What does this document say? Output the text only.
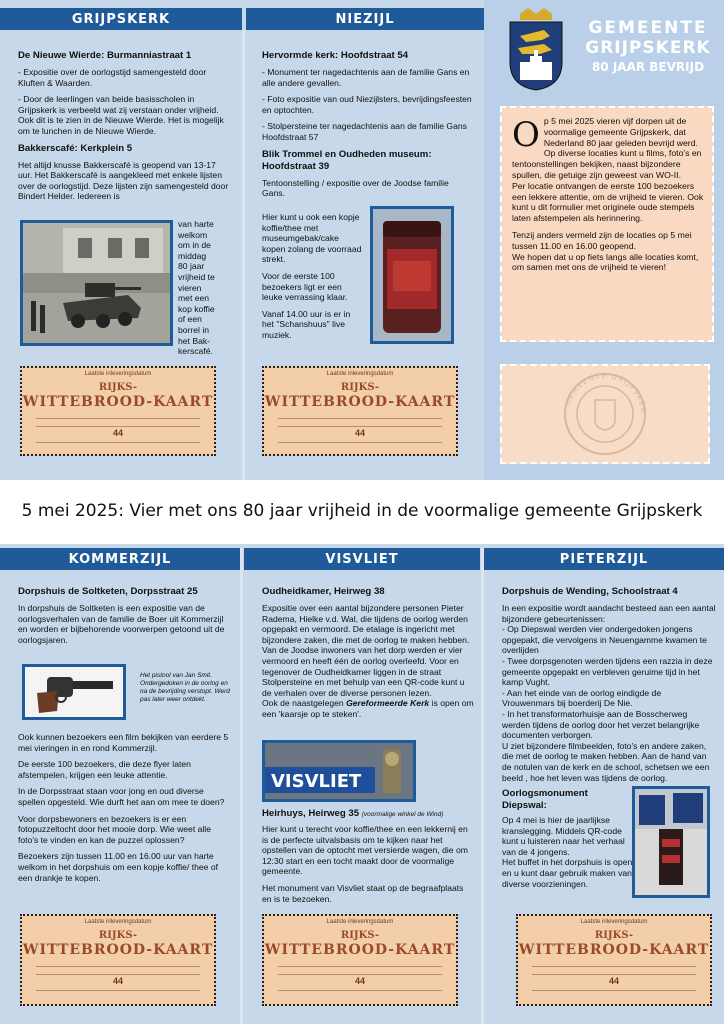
GRIJPSKERK	NIEZIJL
De Nieuwe Wierde: Burmanniastraat 1

- Expositie over de oorlogstijd samengesteld door Kluften & Waarden.

- Door de leerlingen van beide basisscholen in Grijpskerk is verbeeld wat zij verstaan onder vrijheid. Ook dit is te zien in de Nieuwe Wierde. Het is mogelijk om te lunchen in de Nieuwe Wierde.

Bakkerscafé: Kerkplein 5

Het altijd knusse Bakkerscafé is geopend van 13-17 uur. Het Bakkerscafé is aangekleed met enkele lijsten over de oorlogstijd. Deze lijsten zijn samengesteld door Bindert Helder. Iedereen is

van harte
welkom
om in de
middag
80 jaar
vrijheid te
vieren
met een
kop koffie
of een
borrel in
het Bak-
kerscafé.
Hervormde kerk: Hoofdstraat 54

- Monument ter nagedachtenis aan de familie Gans en alle andere gevallen.

- Foto expositie van oud Niezijlsters, bevrijdingsfeesten en optochten.

- Stolpersteine ter nagedachtenis aan de familie Gans Hoofdstraat 57

Blik Trommel en Oudheden museum: Hoofdstraat 39

Tentoonstelling / expositie over de Joodse familie Gans.

Hier kunt u ook een kopje koffie/thee met museumgebak/cake kopen zolang de voorraad strekt.

Voor de eerste 100 bezoekers ligt er een leuke verrassing klaar.

Vanaf 14.00 uur is er in het "Schanshuus" live muziek.

GEMEENTE
GRIJPSKERK
80 JAAR BEVRIJD
O p 5 mei 2025 vieren vijf dorpen uit de voormalige gemeente Grijpskerk, dat Nederland 80 jaar geleden bevrijd werd.

Op diverse locaties kunt u films, foto's en tentoonstellingen bekijken, naast bijzondere spullen, die getuige zijn geweest van WO-II.

Per locatie ontvangen de eerste 100 bezoekers een lekkere attentie, om de vrijheid te vieren. Ook kunt u dit formulier met originele oude stempels laten afstempelen als herinnering.

Tenzij anders vermeld zijn de locaties op 5 mei tussen 11.00 en 16.00 geopend.

We hopen dat u op fiets langs alle locaties komt, om samen met ons de vrijheid te vieren!

GEMEENTE GRIJPSKER
Laatste inleveringsdatum
RIJKS-
WITTEBROOD-KAART
44
Laatste inleveringsdatum
RIJKS-
WITTEBROOD-KAART
44
5 mei 2025: Vier met ons 80 jaar vrijheid in de voormalige gemeente Grijpskerk
KOMMERZIJL	VISVLIET	PIETERZIJL
Dorpshuis de Soltketen, Dorpsstraat 25

In dorpshuis de Soltketen is een expositie van de oorlogsverhalen van de familie de Boer uit Kommerzijl en worden er bijbehorende voorwerpen getoond uit de oorlogsjaren.

Het pistool van Jan Smit. Ondergedoken in de oorlog en na de bevrijding verstopt. Werd pas later weer ontdekt.

Ook kunnen bezoekers een film bekijken van eerdere 5 mei vieringen in en rond Kommerzijl.

De eerste 100 bezoekers, die deze flyer laten afstempelen, krijgen een leuke attentie.

In de Dorpsstraat staan voor jong en oud diverse spellen opgesteld. Wie durft het aan om mee te doen?

Voor dorpsbewoners en bezoekers is er een fotopuzzeltocht door het mooie dorp. Wie weet alle foto's te vinden en kan de puzzel oplossen?

Bezoekers zijn tussen 11.00 en 16.00 uur van harte welkom in het dorpshuis om een kopje koffie/ thee of een drankje te kopen.

Oudheidkamer, Heirweg 38

Expositie over een aantal bijzondere personen Pieter Radema, Hielke v.d. Wal, die tijdens de oorlog werden opgepakt en vermoord. De etalage is ingericht met bijzondere zaken, die met de oorlog te maken hebben. Van de Joodse inwoners van het dorp werden er vier vermoord en heeft één de oorlog overleefd. Voor en tegenover de Oudheidkamer liggen in de straat Stolpersteine en met behulp van een QR-code kunt u de verhalen over de diverse personen lezen.

Ook de naastgelegen Gereformeerde Kerk is open om een 'kaarsje op te steken'.

VISVLIET
Heirhuys, Heirweg 35 (voormalige winkel de Wind)

Hier kunt u terecht voor koffie/thee en een lekkernij en is de perfecte uitvalsbasis om te kijken naar het opstellen van de optocht met versierde wagen, die om 12:30 start en een tocht maakt door de voormalige gemeente.

Het monument van Visvliet staat op de begraafplaats en is te bezoeken.

Dorpshuis de Wending, Schoolstraat 4

In een expositie wordt aandacht besteed aan een aantal bijzondere gebeurtenissen:

- Op Diepswal werden vier ondergedoken jongens opgepakt, die vervolgens in Neuengamme kwamen te overlijden
- Twee dorpsgenoten werden tijdens een razzia in deze gemeente opgepakt en verbleven geruime tijd in het kamp Vught.
- Aan het einde van de oorlog eindigde de Vrouwenmars bij boerderij De Nie.
- In het transformatorhuisje aan de Bosscherweg werden tijdens de oorlog door het verzet belangrijke documenten verborgen.
U ziet bijzondere filmbeelden, foto's en andere zaken, die met de oorlog te maken hebben. Aan de hand van de notulen van de kerk en de school, schetsen we een beeld , hoe het leven was tijdens de oorlog.
Oorlogsmonument Diepswal:

Op 4 mei is hier de jaarlijkse kranslegging. Middels QR-code kunt u luisteren naar het verhaal van de 4 jongens.

Het buffet in het dorpshuis is open en u kunt daar gebruik maken van diverse voorzieningen.

Laatste inleveringsdatum
RIJKS-
WITTEBROOD-KAART
44
Laatste inleveringsdatum
RIJKS-
WITTEBROOD-KAART
44
Laatste inleveringsdatum
RIJKS-
WITTEBROOD-KAART
44
